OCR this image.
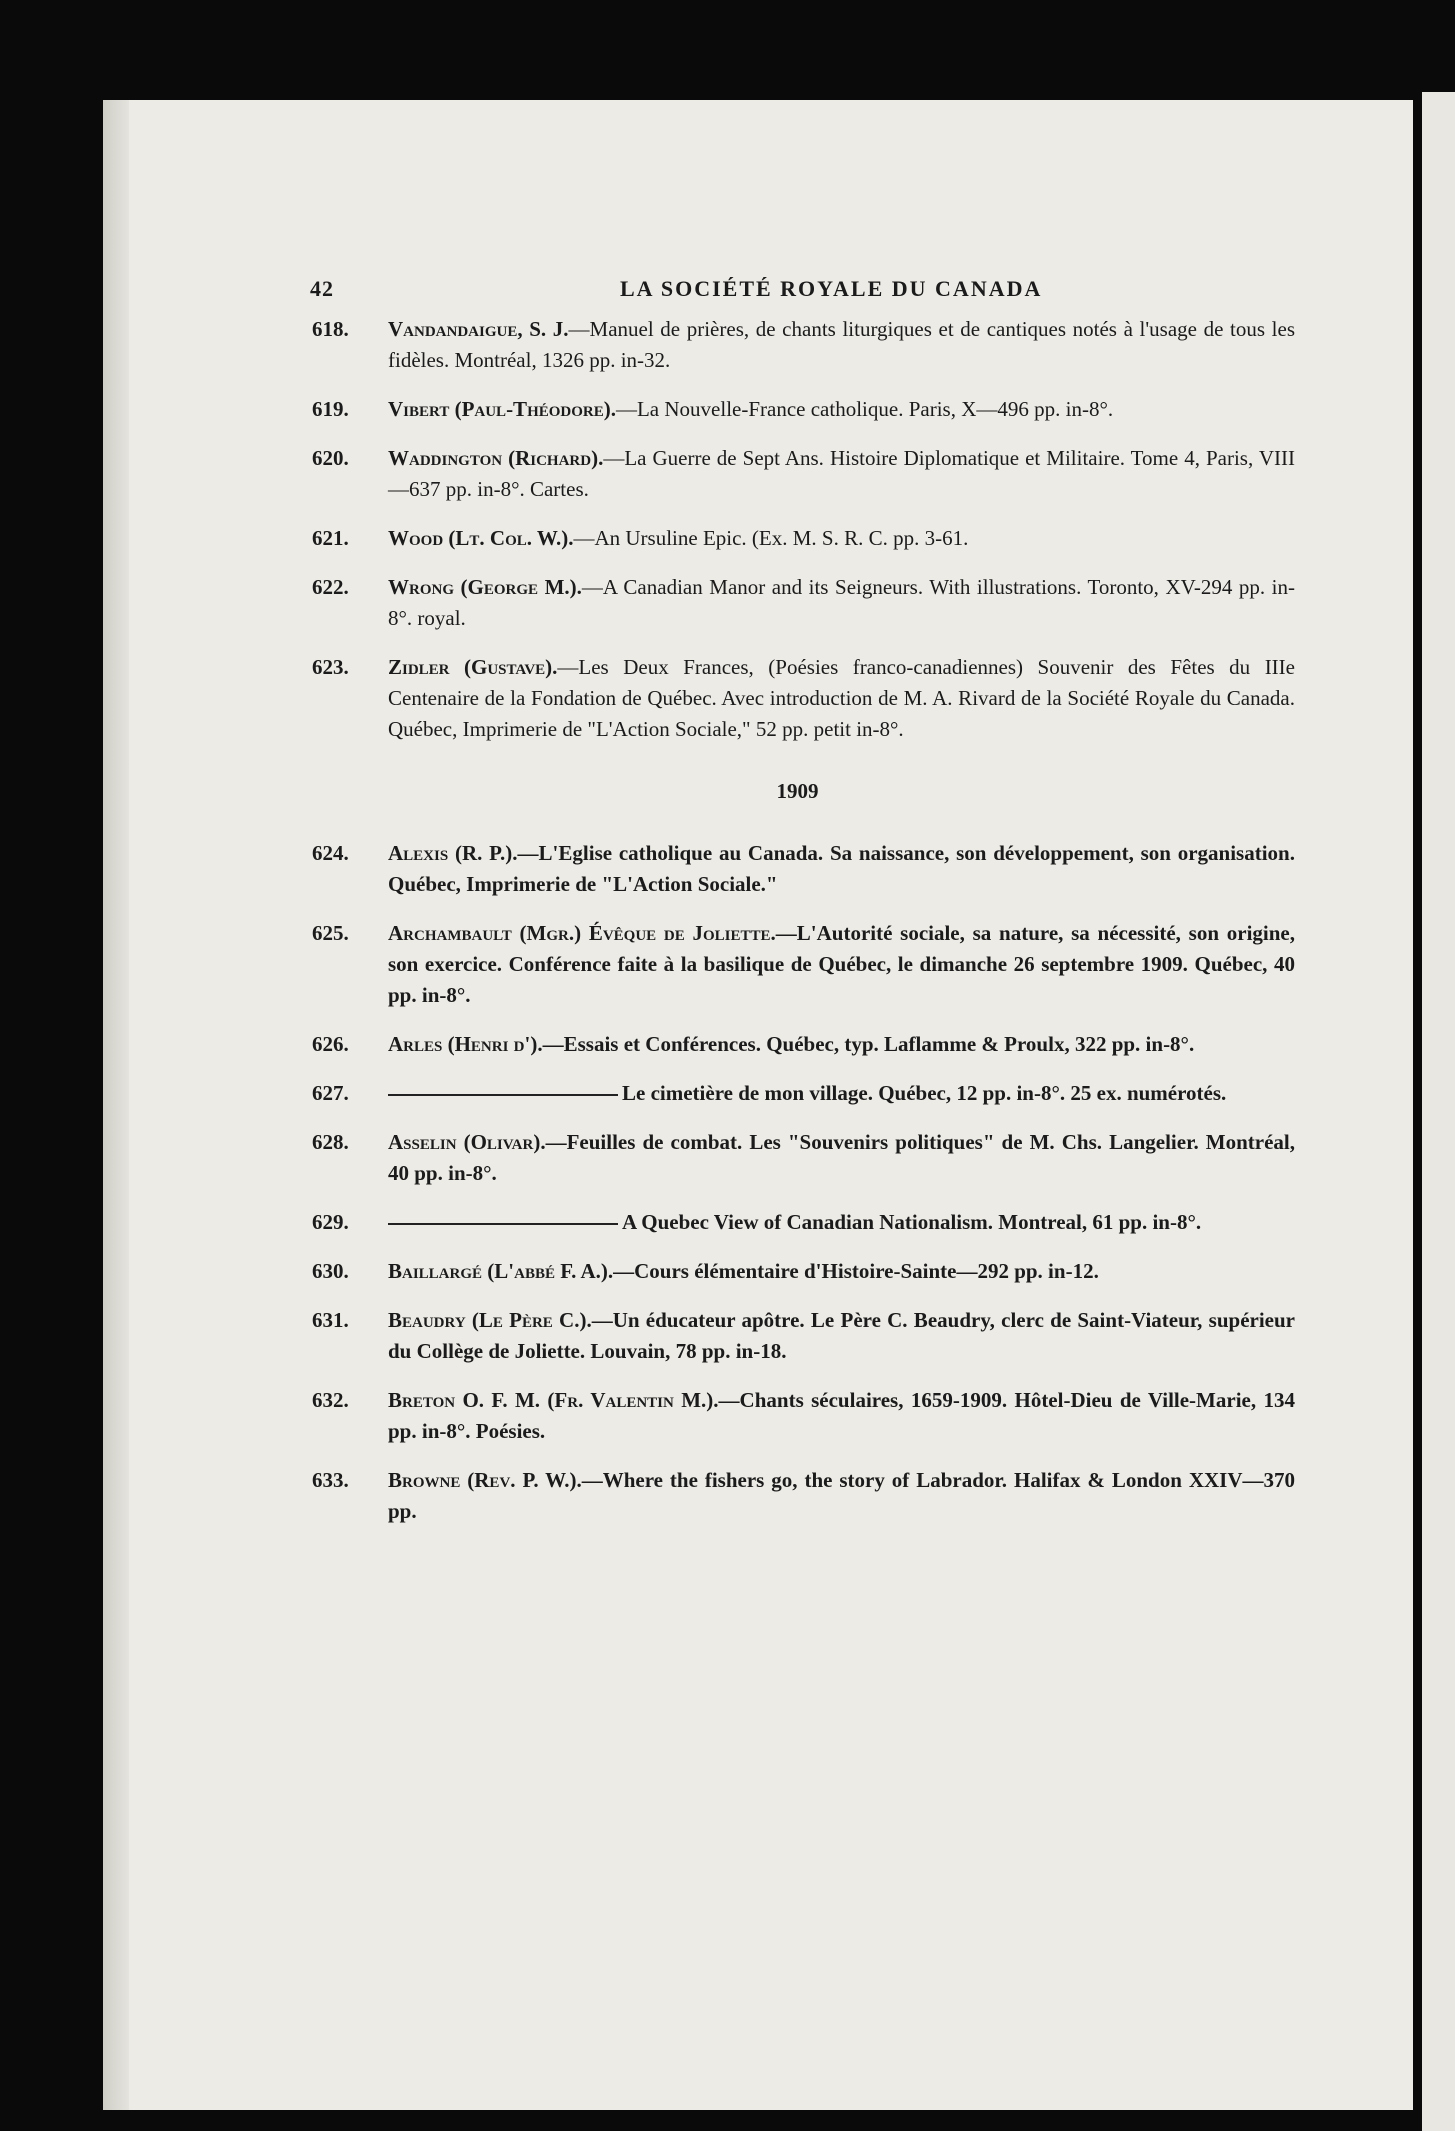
42	LA SOCIÉTÉ ROYALE DU CANADA
618.	Vandandaigue, S. J.—Manuel de prières, de chants liturgiques et de cantiques notés à l'usage de tous les fidèles. Montréal, 1326 pp. in-32.
619.	Vibert (Paul-Théodore).—La Nouvelle-France catholique. Paris, X—496 pp. in-8°.
620.	Waddington (Richard).—La Guerre de Sept Ans. Histoire Diplomatique et Militaire. Tome 4, Paris, VIII—637 pp. in-8°. Cartes.
621.	Wood (Lt. Col. W.).—An Ursuline Epic. (Ex. M. S. R. C. pp. 3-61.
622.	Wrong (George M.).—A Canadian Manor and its Seigneurs. With illustrations. Toronto, XV-294 pp. in-8°. royal.
623.	Zidler (Gustave).—Les Deux Frances, (Poésies franco-canadiennes) Souvenir des Fêtes du IIIe Centenaire de la Fondation de Québec. Avec introduction de M. A. Rivard de la Société Royale du Canada. Québec, Imprimerie de "L'Action Sociale," 52 pp. petit in-8°.
1909
624.	Alexis (R. P.).—L'Eglise catholique au Canada. Sa naissance, son développement, son organisation. Québec, Imprimerie de "L'Action Sociale."
625.	Archambault (Mgr.) Évêque de Joliette.—L'Autorité sociale, sa nature, sa nécessité, son origine, son exercice. Conférence faite à la basilique de Québec, le dimanche 26 septembre 1909. Québec, 40 pp. in-8°.
626.	Arles (Henri d').—Essais et Conférences. Québec, typ. Laflamme & Proulx, 322 pp. in-8°.
627.	Le cimetière de mon village. Québec, 12 pp. in-8°. 25 ex. numérotés.
628.	Asselin (Olivar).—Feuilles de combat. Les "Souvenirs politiques" de M. Chs. Langelier. Montréal, 40 pp. in-8°.
629.	A Quebec View of Canadian Nationalism. Montreal, 61 pp. in-8°.
630.	Baillargé (L'abbé F. A.).—Cours élémentaire d'Histoire-Sainte—292 pp. in-12.
631.	Beaudry (Le Père C.).—Un éducateur apôtre. Le Père C. Beaudry, clerc de Saint-Viateur, supérieur du Collège de Joliette. Louvain, 78 pp. in-18.
632.	Breton O. F. M. (Fr. Valentin M.).—Chants séculaires, 1659-1909. Hôtel-Dieu de Ville-Marie, 134 pp. in-8°. Poésies.
633.	Browne (Rev. P. W.).—Where the fishers go, the story of Labrador. Halifax & London XXIV—370 pp.
